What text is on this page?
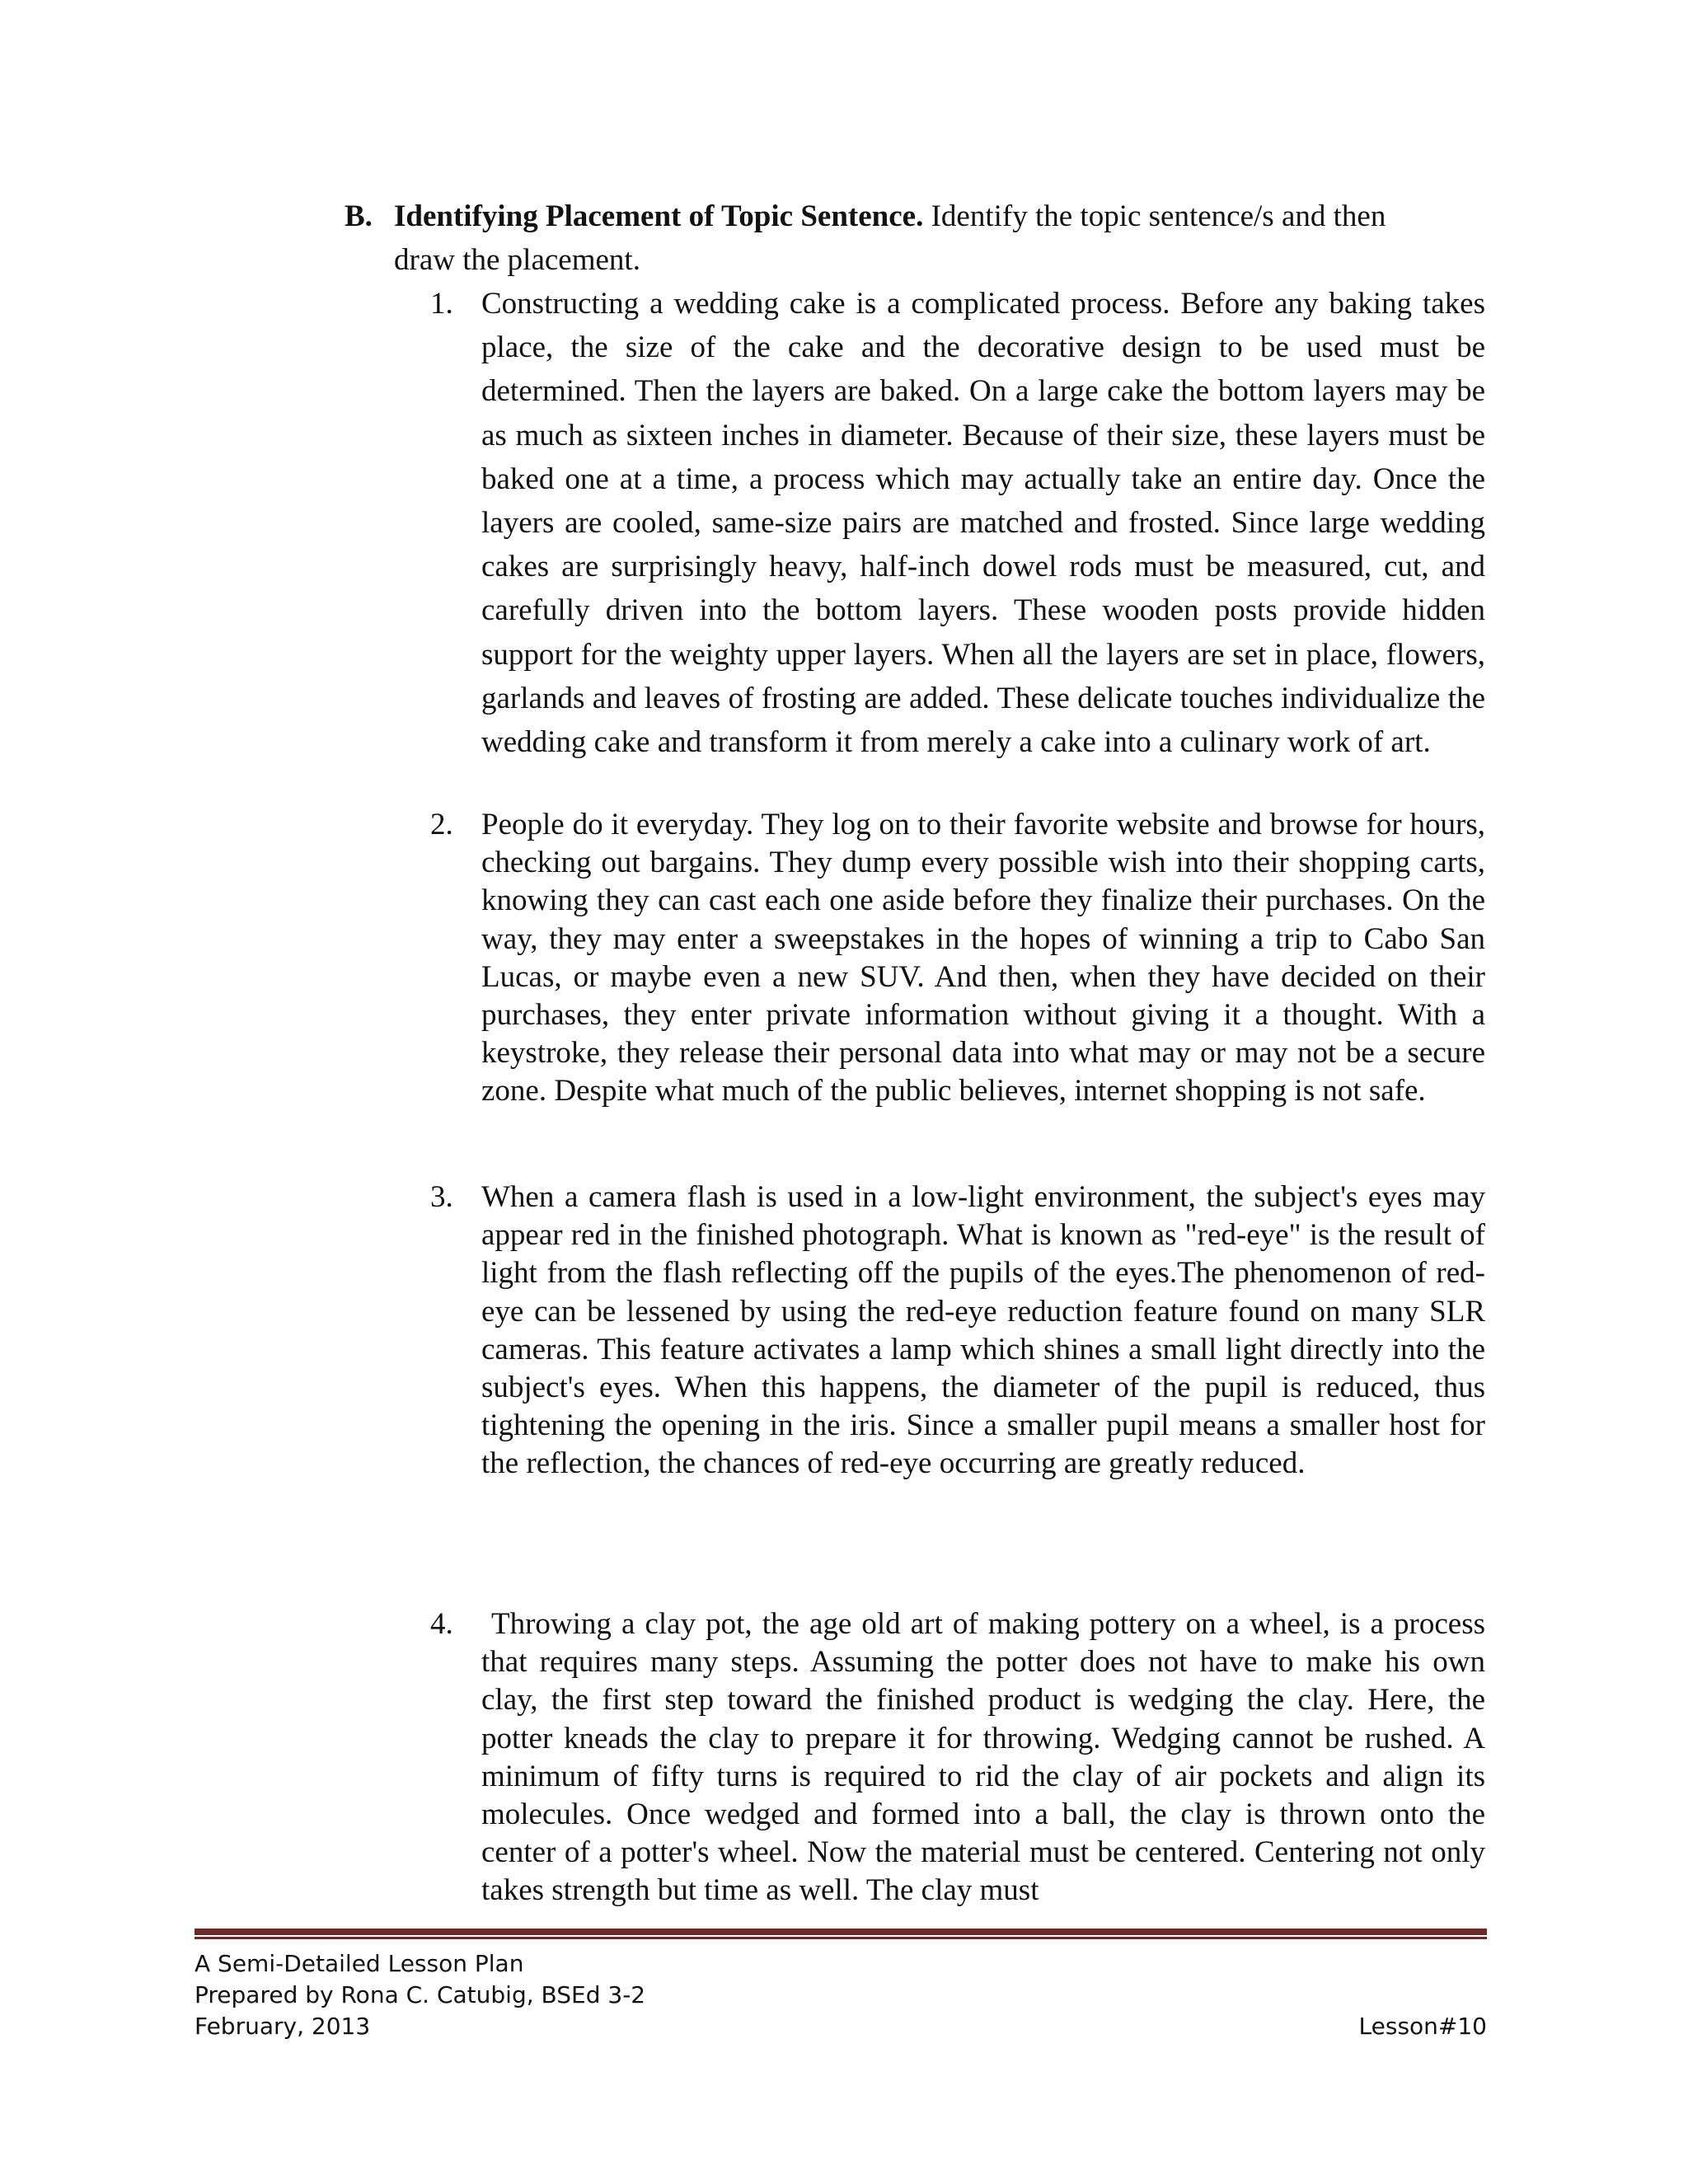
B. Identifying Placement of Topic Sentence. Identify the topic sentence/s and then
draw the placement.
1. Constructing a wedding cake is a complicated process. Before any baking takes place, the size of the cake and the decorative design to be used must be determined. Then the layers are baked. On a large cake the bottom layers may be as much as sixteen inches in diameter. Because of their size, these layers must be baked one at a time, a process which may actually take an entire day. Once the layers are cooled, same-size pairs are matched and frosted. Since large wedding cakes are surprisingly heavy, half-inch dowel rods must be measured, cut, and carefully driven into the bottom layers. These wooden posts provide hidden support for the weighty upper layers. When all the layers are set in place, flowers, garlands and leaves of frosting are added. These delicate touches individualize the wedding cake and transform it from merely a cake into a culinary work of art.
2. People do it everyday. They log on to their favorite website and browse for hours, checking out bargains. They dump every possible wish into their shopping carts, knowing they can cast each one aside before they finalize their purchases. On the way, they may enter a sweepstakes in the hopes of winning a trip to Cabo San Lucas, or maybe even a new SUV. And then, when they have decided on their purchases, they enter private information without giving it a thought. With a keystroke, they release their personal data into what may or may not be a secure zone. Despite what much of the public believes, internet shopping is not safe.
3. When a camera flash is used in a low-light environment, the subject's eyes may appear red in the finished photograph. What is known as "red-eye" is the result of light from the flash reflecting off the pupils of the eyes.The phenomenon of red-eye can be lessened by using the red-eye reduction feature found on many SLR cameras. This feature activates a lamp which shines a small light directly into the subject's eyes. When this happens, the diameter of the pupil is reduced, thus tightening the opening in the iris. Since a smaller pupil means a smaller host for the reflection, the chances of red-eye occurring are greatly reduced.
4.	Throwing a clay pot, the age old art of making pottery on a wheel, is a process that requires many steps. Assuming the potter does not have to make his own clay, the first step toward the finished product is wedging the clay. Here, the potter kneads the clay to prepare it for throwing. Wedging cannot be rushed. A minimum of fifty turns is required to rid the clay of air pockets and align its molecules. Once wedged and formed into a ball, the clay is thrown onto the center of a potter's wheel. Now the material must be centered. Centering not only takes strength but time as well. The clay must
A Semi-Detailed Lesson Plan
Prepared by Rona C. Catubig, BSEd 3-2
February, 2013	Lesson#10
